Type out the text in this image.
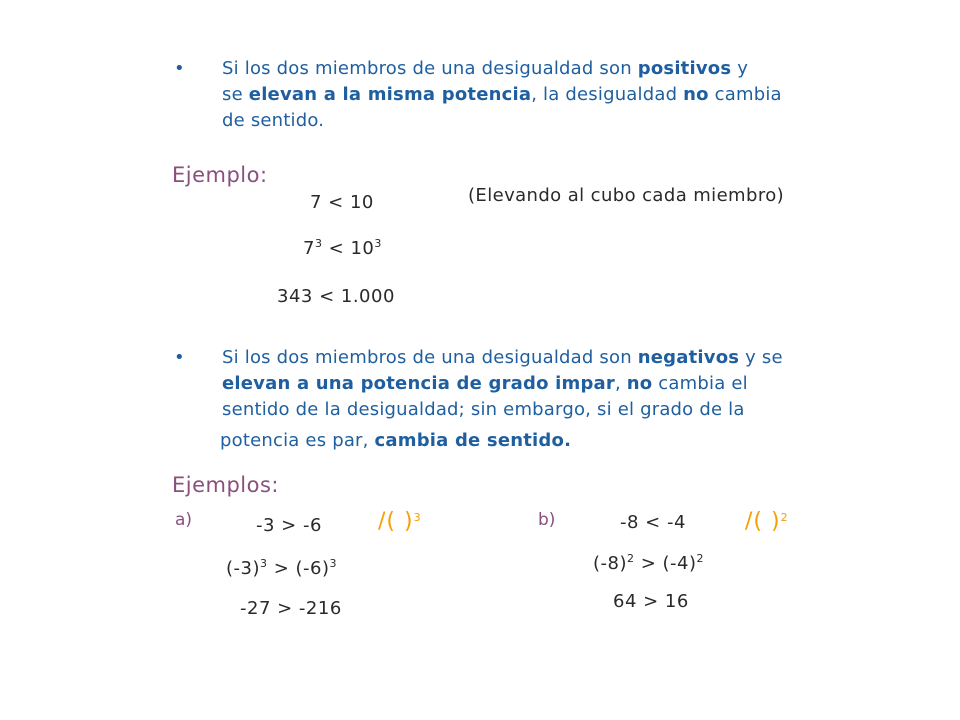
• Si los dos miembros de una desigualdad son positivos y
se elevan a la misma potencia, la desigualdad no cambia
de sentido.
Ejemplo:
(Elevando al cubo cada miembro)
7 < 10
$7^3 < 10^3$
343 < 1.000
• Si los dos miembros de una desigualdad son negativos y se
elevan a una potencia de grado impar, no cambia el
sentido de la desigualdad; sin embargo, si el grado de la
potencia es par, cambia de sentido.
Ejemplos:
a)	-3 > -6	/( )$^3$
$(-3)^3 > (-6)^3$
-27 > -216
b)	-8 < -4	/( )$^2$
$(-8)^2 > (-4)^2$
64 > 16
